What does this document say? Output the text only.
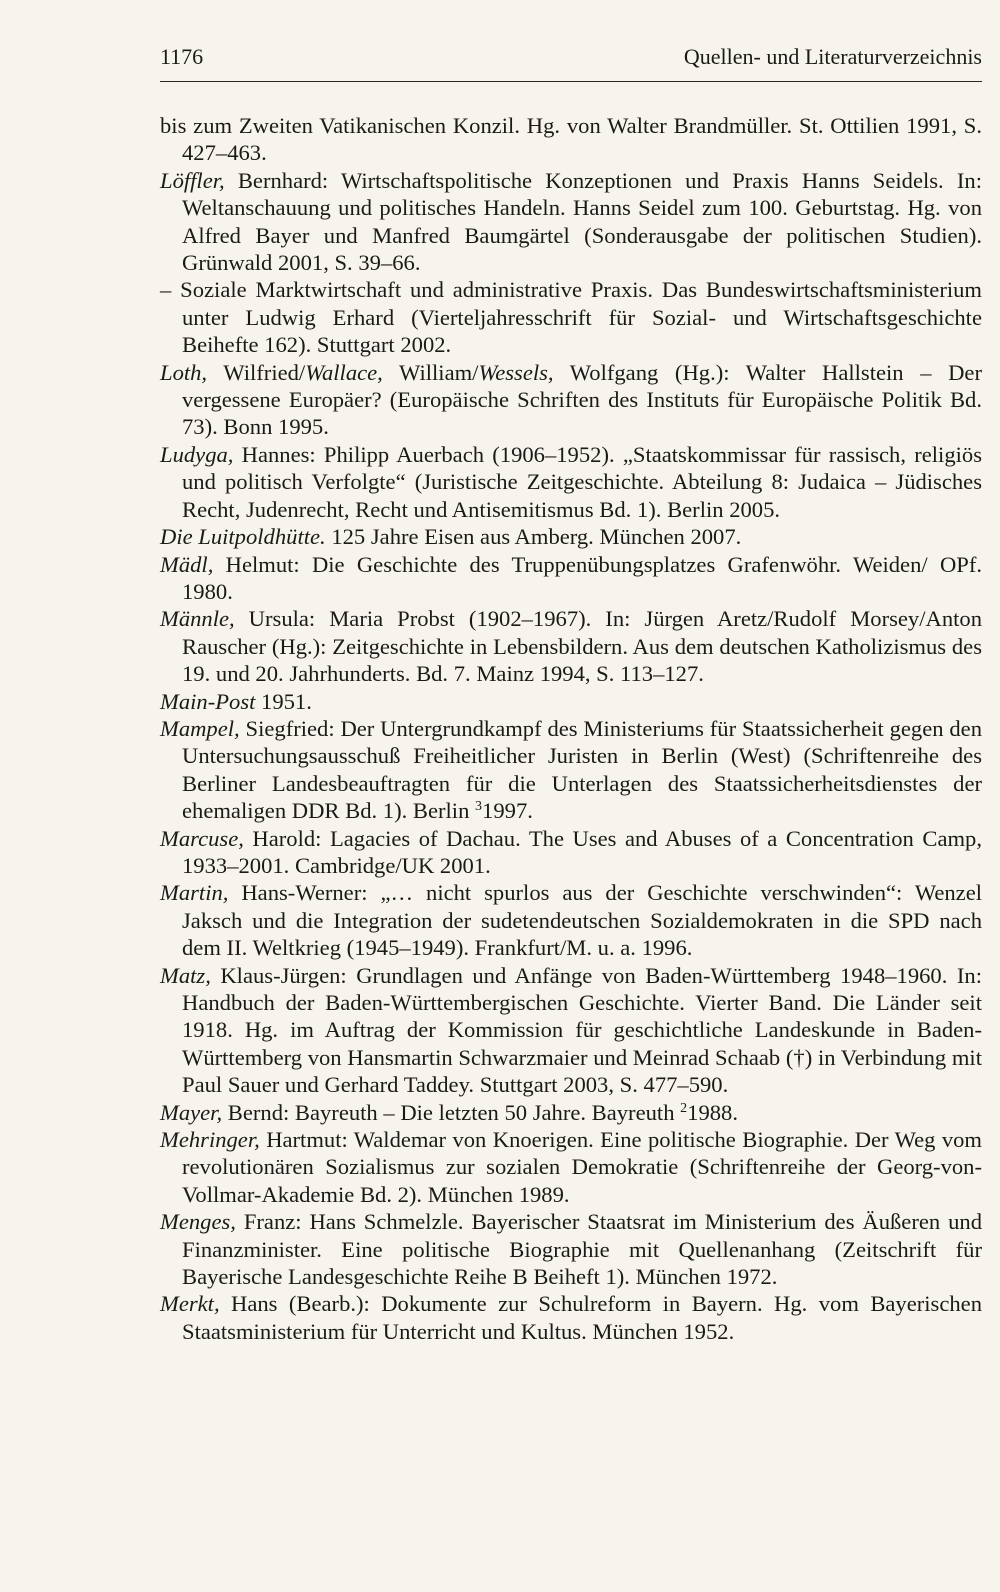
1176	Quellen- und Literaturverzeichnis

bis zum Zweiten Vatikanischen Konzil. Hg. von Walter Brandmüller. St. Ottilien 1991, S. 427–463.

Löffler, Bernhard: Wirtschaftspolitische Konzeptionen und Praxis Hanns Seidels. In: Weltanschauung und politisches Handeln. Hanns Seidel zum 100. Geburtstag. Hg. von Alfred Bayer und Manfred Baumgärtel (Sonderausgabe der politischen Studien). Grünwald 2001, S. 39–66.

– Soziale Marktwirtschaft und administrative Praxis. Das Bundeswirtschaftsministerium unter Ludwig Erhard (Vierteljahresschrift für Sozial- und Wirtschaftsgeschichte Beihefte 162). Stuttgart 2002.

Loth, Wilfried/Wallace, William/Wessels, Wolfgang (Hg.): Walter Hallstein – Der vergessene Europäer? (Europäische Schriften des Instituts für Europäische Politik Bd. 73). Bonn 1995.

Ludyga, Hannes: Philipp Auerbach (1906–1952). „Staatskommissar für rassisch, religiös und politisch Verfolgte“ (Juristische Zeitgeschichte. Abteilung 8: Judaica – Jüdisches Recht, Judenrecht, Recht und Antisemitismus Bd. 1). Berlin 2005.

Die Luitpoldhütte. 125 Jahre Eisen aus Amberg. München 2007.

Mädl, Helmut: Die Geschichte des Truppenübungsplatzes Grafenwöhr. Weiden/ OPf. 1980.

Männle, Ursula: Maria Probst (1902–1967). In: Jürgen Aretz/Rudolf Morsey/Anton Rauscher (Hg.): Zeitgeschichte in Lebensbildern. Aus dem deutschen Katholizismus des 19. und 20. Jahrhunderts. Bd. 7. Mainz 1994, S. 113–127.

Main-Post 1951.

Mampel, Siegfried: Der Untergrundkampf des Ministeriums für Staatssicherheit gegen den Untersuchungsausschuß Freiheitlicher Juristen in Berlin (West) (Schriftenreihe des Berliner Landesbeauftragten für die Unterlagen des Staatssicherheitsdienstes der ehemaligen DDR Bd. 1). Berlin $^3$1997.

Marcuse, Harold: Lagacies of Dachau. The Uses and Abuses of a Concentration Camp, 1933–2001. Cambridge/UK 2001.

Martin, Hans-Werner: „… nicht spurlos aus der Geschichte verschwinden“: Wenzel Jaksch und die Integration der sudetendeutschen Sozialdemokraten in die SPD nach dem II. Weltkrieg (1945–1949). Frankfurt/M. u. a. 1996.

Matz, Klaus-Jürgen: Grundlagen und Anfänge von Baden-Württemberg 1948–1960. In: Handbuch der Baden-Württembergischen Geschichte. Vierter Band. Die Länder seit 1918. Hg. im Auftrag der Kommission für geschichtliche Landeskunde in Baden-Württemberg von Hansmartin Schwarzmaier und Meinrad Schaab (†) in Verbindung mit Paul Sauer und Gerhard Taddey. Stuttgart 2003, S. 477–590.

Mayer, Bernd: Bayreuth – Die letzten 50 Jahre. Bayreuth $^2$1988.

Mehringer, Hartmut: Waldemar von Knoerigen. Eine politische Biographie. Der Weg vom revolutionären Sozialismus zur sozialen Demokratie (Schriftenreihe der Georg-von-Vollmar-Akademie Bd. 2). München 1989.

Menges, Franz: Hans Schmelzle. Bayerischer Staatsrat im Ministerium des Äußeren und Finanzminister. Eine politische Biographie mit Quellenanhang (Zeitschrift für Bayerische Landesgeschichte Reihe B Beiheft 1). München 1972.

Merkt, Hans (Bearb.): Dokumente zur Schulreform in Bayern. Hg. vom Bayerischen Staatsministerium für Unterricht und Kultus. München 1952.
